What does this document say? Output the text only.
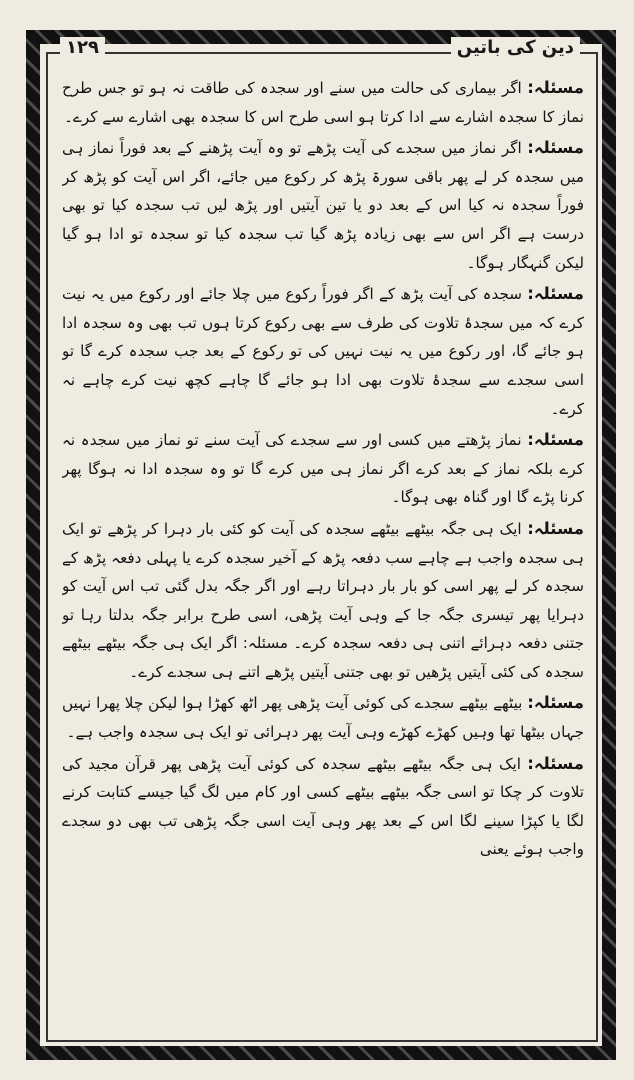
۱۲۹	دین کی باتیں

مسئلہ: اگر بیماری کی حالت میں سنے اور سجدہ کی طاقت نہ ہو تو جس طرح نماز کا سجدہ اشارے سے ادا کرتا ہو اسی طرح اس کا سجدہ بھی اشارے سے کرے۔

مسئلہ: اگر نماز میں سجدے کی آیت پڑھے تو وہ آیت پڑھنے کے بعد فوراً نماز ہی میں سجدہ کر لے پھر باقی سورۃ پڑھ کر رکوع میں جائے، اگر اس آیت کو پڑھ کر فوراً سجدہ نہ کیا اس کے بعد دو یا تین آیتیں اور پڑھ لیں تب سجدہ کیا تو بھی درست ہے اگر اس سے بھی زیادہ پڑھ گیا تب سجدہ کیا تو سجدہ تو ادا ہو گیا لیکن گنہگار ہوگا۔

مسئلہ: سجدہ کی آیت پڑھ کے اگر فوراً رکوع میں چلا جائے اور رکوع میں یہ نیت کرے کہ میں سجدۂ تلاوت کی طرف سے بھی رکوع کرتا ہوں تب بھی وہ سجدہ ادا ہو جائے گا، اور رکوع میں یہ نیت نہیں کی تو رکوع کے بعد جب سجدہ کرے گا تو اسی سجدے سے سجدۂ تلاوت بھی ادا ہو جائے گا چاہے کچھ نیت کرے چاہے نہ کرے۔

مسئلہ: نماز پڑھتے میں کسی اور سے سجدے کی آیت سنے تو نماز میں سجدہ نہ کرے بلکہ نماز کے بعد کرے اگر نماز ہی میں کرے گا تو وہ سجدہ ادا نہ ہوگا پھر کرنا پڑے گا اور گناہ بھی ہوگا۔

مسئلہ: ایک ہی جگہ بیٹھے بیٹھے سجدہ کی آیت کو کئی بار دہرا کر پڑھے تو ایک ہی سجدہ واجب ہے چاہے سب دفعہ پڑھ کے آخیر سجدہ کرے یا پہلی دفعہ پڑھ کے سجدہ کر لے پھر اسی کو بار بار دہراتا رہے اور اگر جگہ بدل گئی تب اس آیت کو دہرایا پھر تیسری جگہ جا کے وہی آیت پڑھی، اسی طرح برابر جگہ بدلتا رہا تو جتنی دفعہ دہرائے اتنی ہی دفعہ سجدہ کرے۔ مسئلہ: اگر ایک ہی جگہ بیٹھے بیٹھے سجدہ کی کئی آیتیں پڑھیں تو بھی جتنی آیتیں پڑھے اتنے ہی سجدے کرے۔

مسئلہ: بیٹھے بیٹھے سجدے کی کوئی آیت پڑھی پھر اٹھ کھڑا ہوا لیکن چلا پھرا نہیں جہاں بیٹھا تھا وہیں کھڑے کھڑے وہی آیت پھر دہرائی تو ایک ہی سجدہ واجب ہے۔

مسئلہ: ایک ہی جگہ بیٹھے بیٹھے سجدہ کی کوئی آیت پڑھی پھر قرآن مجید کی تلاوت کر چکا تو اسی جگہ بیٹھے بیٹھے کسی اور کام میں لگ گیا جیسے کتابت کرنے لگا یا کپڑا سینے لگا اس کے بعد پھر وہی آیت اسی جگہ پڑھی تب بھی دو سجدے واجب ہوئے یعنی
